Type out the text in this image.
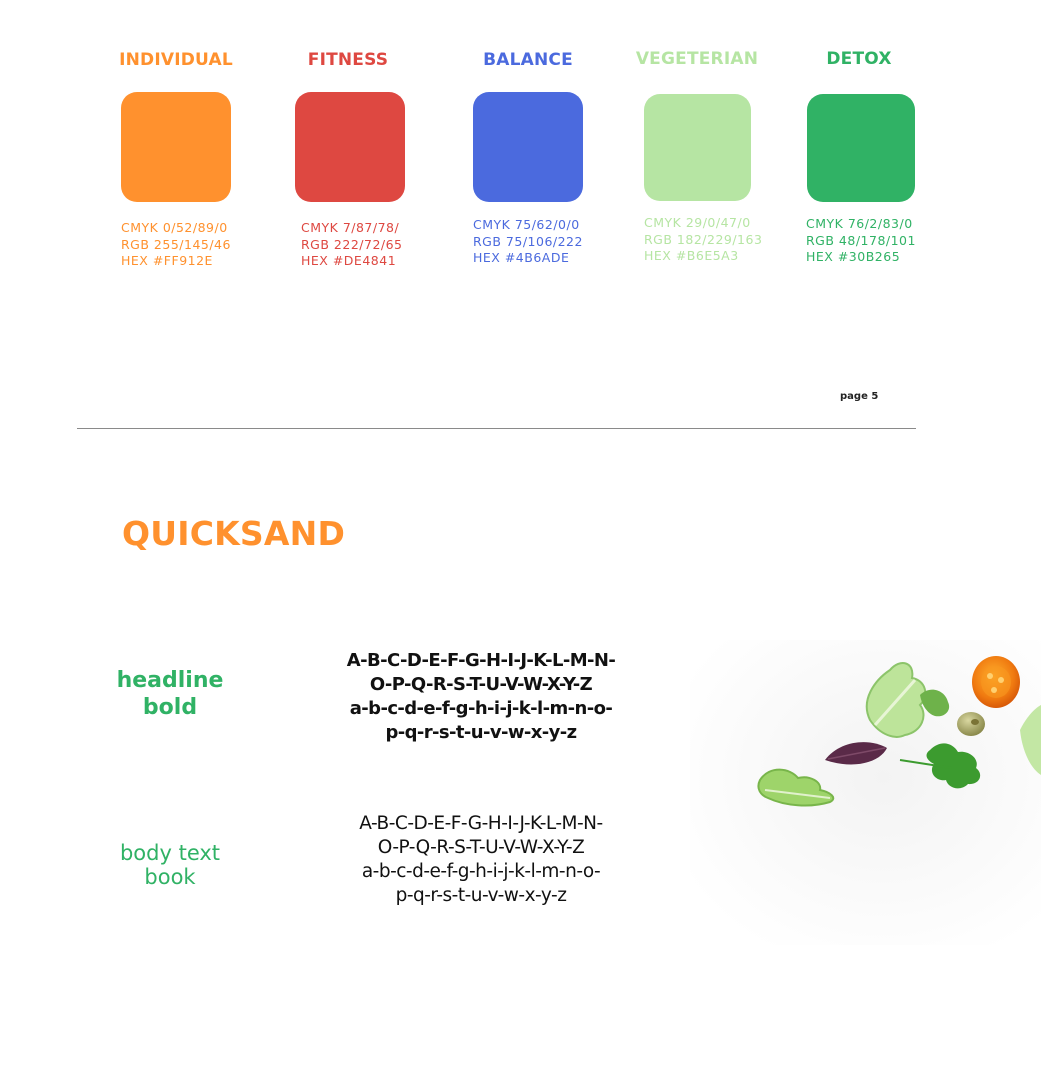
INDIVIDUAL
CMYK 0/52/89/0
RGB 255/145/46
HEX #FF912E
FITNESS
CMYK 7/87/78/
RGB 222/72/65
HEX #DE4841
BALANCE
CMYK 75/62/0/0
RGB 75/106/222
HEX #4B6ADE
VEGETERIAN
CMYK 29/0/47/0
RGB 182/229/163
HEX #B6E5A3
DETOX
CMYK 76/2/83/0
RGB 48/178/101
HEX #30B265
page 5
QUICKSAND
headline
bold
A-B-C-D-E-F-G-H-I-J-K-L-M-N-
O-P-Q-R-S-T-U-V-W-X-Y-Z
a-b-c-d-e-f-g-h-i-j-k-l-m-n-o-
p-q-r-s-t-u-v-w-x-y-z
body text
book
A-B-C-D-E-F-G-H-I-J-K-L-M-N-
O-P-Q-R-S-T-U-V-W-X-Y-Z
a-b-c-d-e-f-g-h-i-j-k-l-m-n-o-
p-q-r-s-t-u-v-w-x-y-z
